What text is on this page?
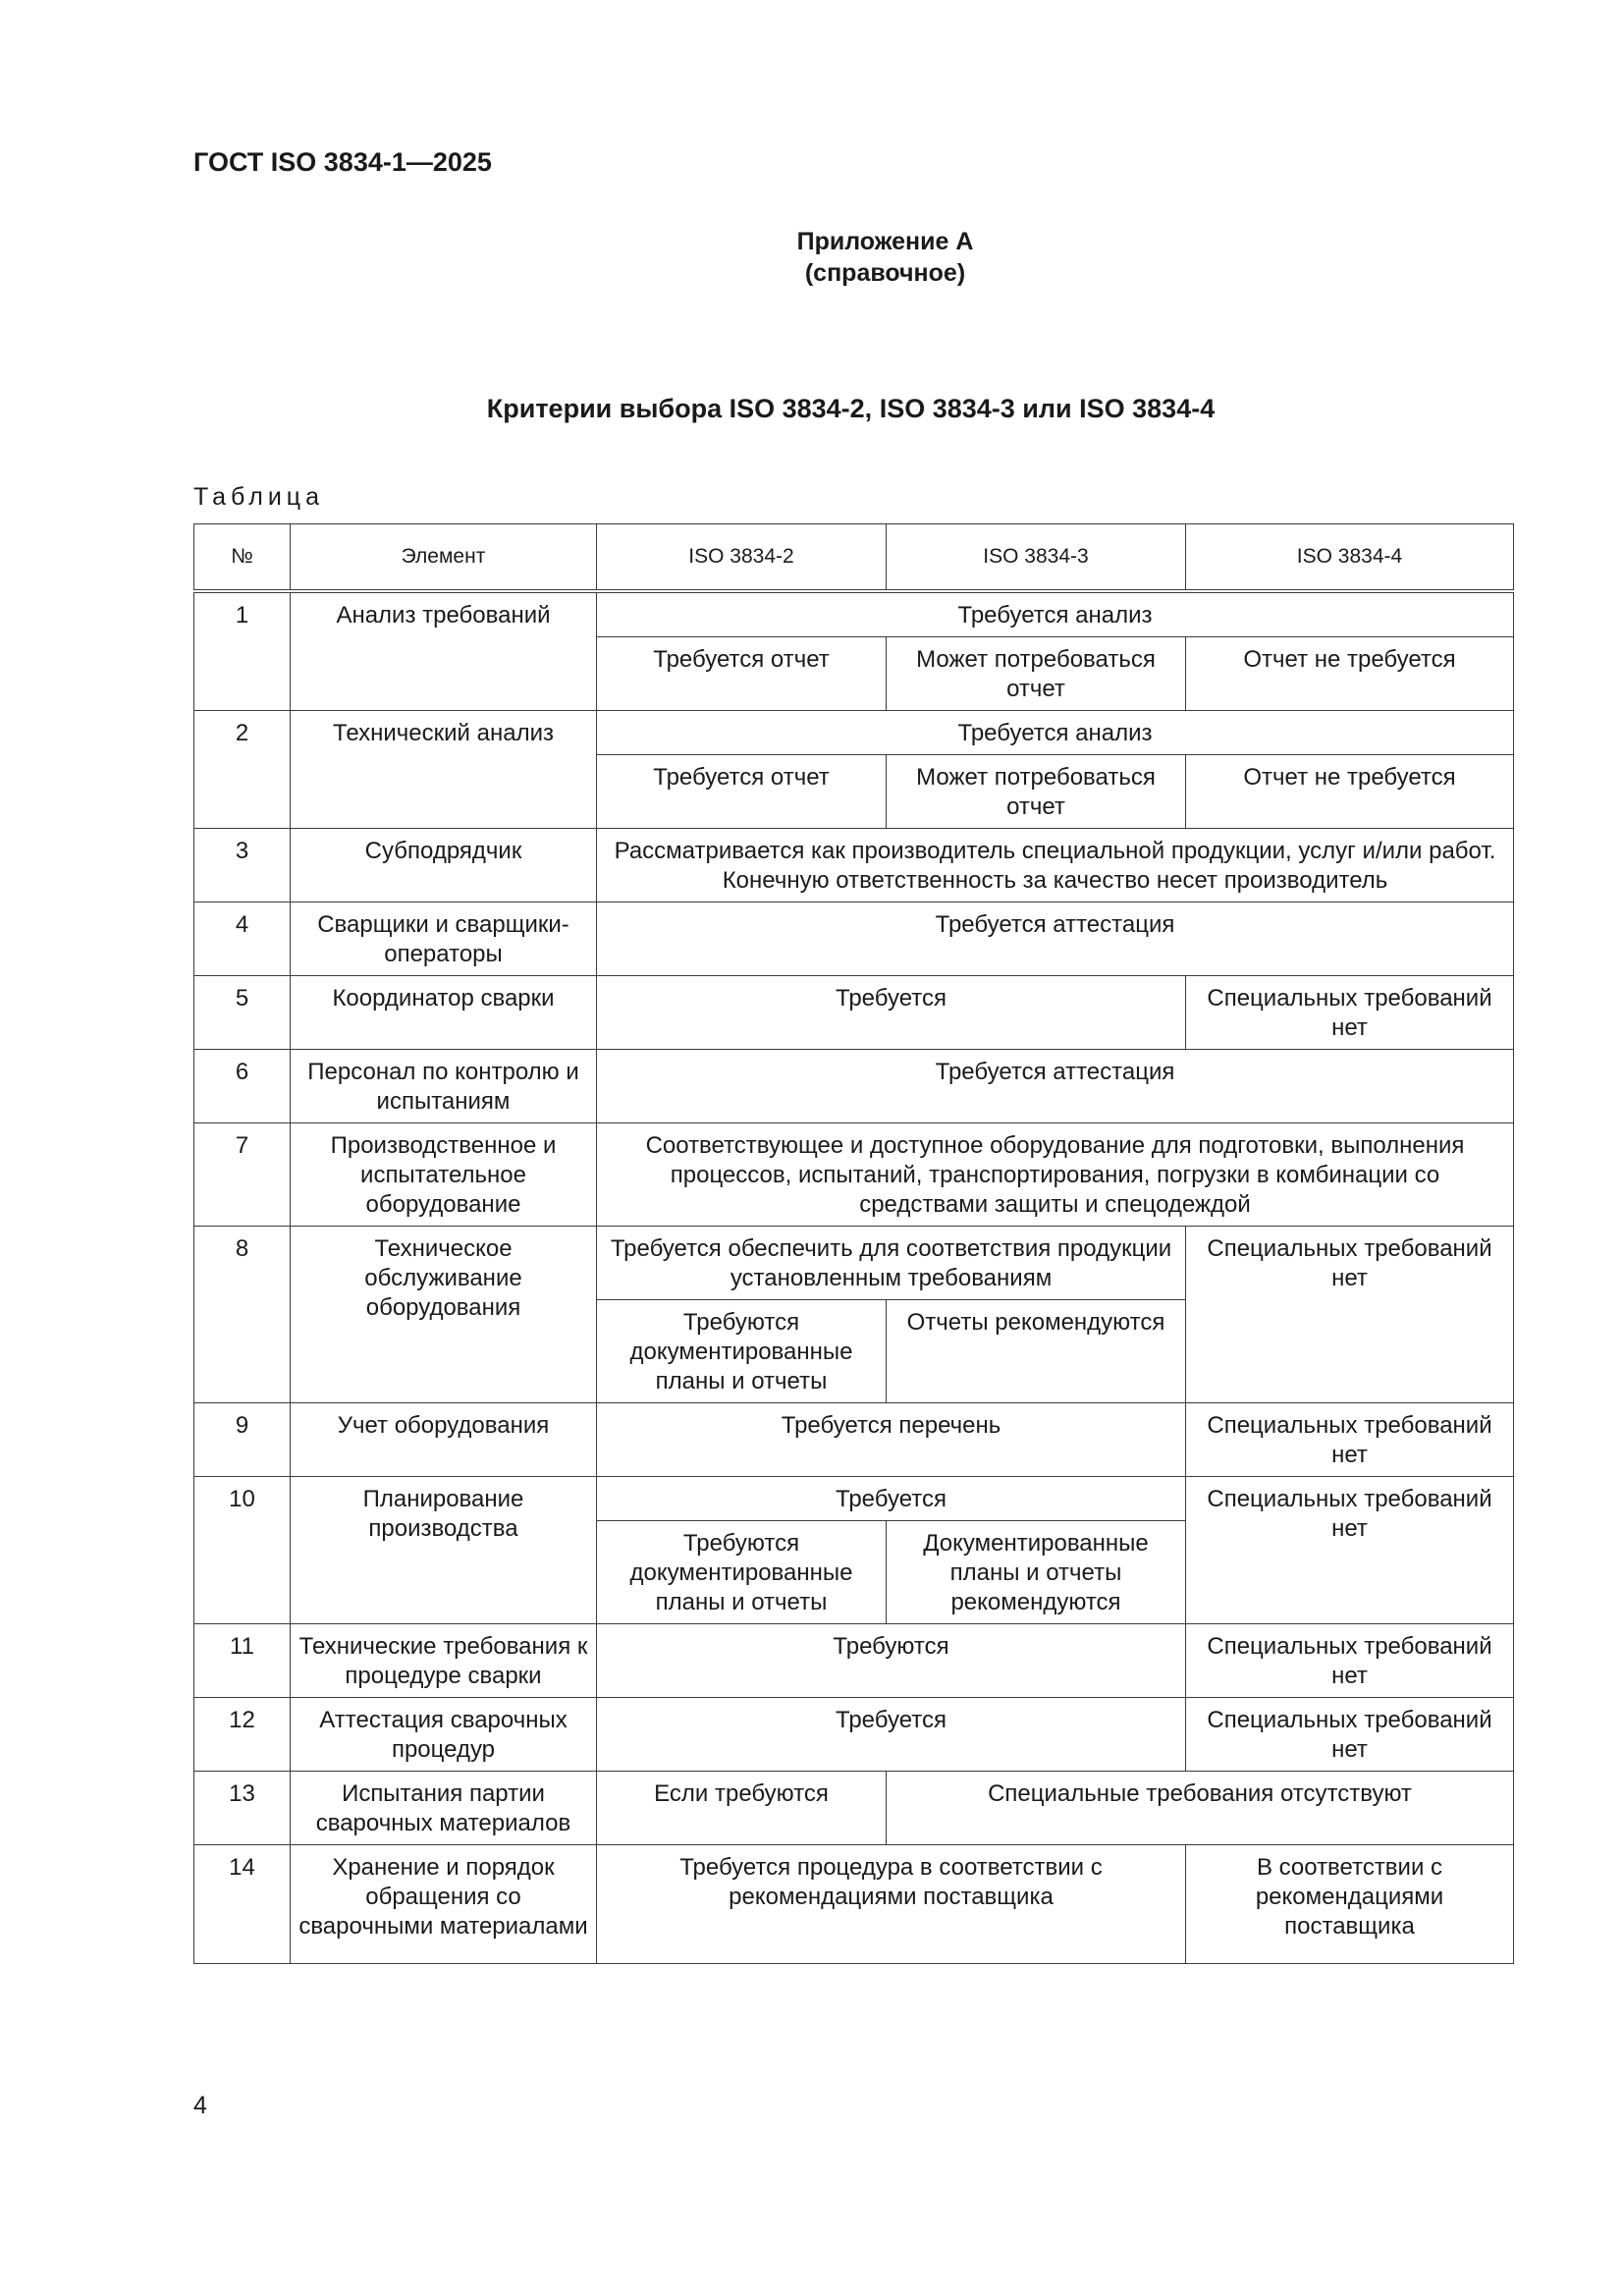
ГОСТ ISO 3834-1—2025
Приложение А
(справочное)
Критерии выбора ISO 3834-2, ISO 3834-3 или ISO 3834-4
Таблица
№	Элемент	ISO 3834-2	ISO 3834-3	ISO 3834-4
1	Анализ требований	Требуется анализ		
		Требуется отчет	Может потребоваться отчет	Отчет не требуется
2	Технический анализ	Требуется анализ		
		Требуется отчет	Может потребоваться отчет	Отчет не требуется
3	Субподрядчик	Рассматривается как производитель специальной продукции, услуг и/или работ. Конечную ответственность за качество несет производитель		
4	Сварщики и сварщики-операторы	Требуется аттестация		
5	Координатор сварки	Требуется		Специальных требований нет
6	Персонал по контролю и испытаниям	Требуется аттестация		
7	Производственное и испытательное оборудование	Соответствующее и доступное оборудование для подготовки, выполнения процессов, испытаний, транспортирования, погрузки в комбинации со средствами защиты и спецодеждой		
8	Техническое обслуживание оборудования	Требуется обеспечить для соответствия продукции установленным требованиям		Специальных требований нет
		Требуются документированные планы и отчеты	Отчеты рекомендуются	
9	Учет оборудования	Требуется перечень		Специальных требований нет
10	Планирование производства	Требуется		Специальных требований нет
		Требуются документированные планы и отчеты	Документированные планы и отчеты рекомендуются	
11	Технические требования к процедуре сварки	Требуются		Специальных требований нет
12	Аттестация сварочных процедур	Требуется		Специальных требований нет
13	Испытания партии сварочных материалов	Если требуются	Специальные требования отсутствуют	
14	Хранение и порядок обращения со сварочными материалами	Требуется процедура в соответствии с рекомендациями поставщика		В соответствии с рекомендациями поставщика
4
